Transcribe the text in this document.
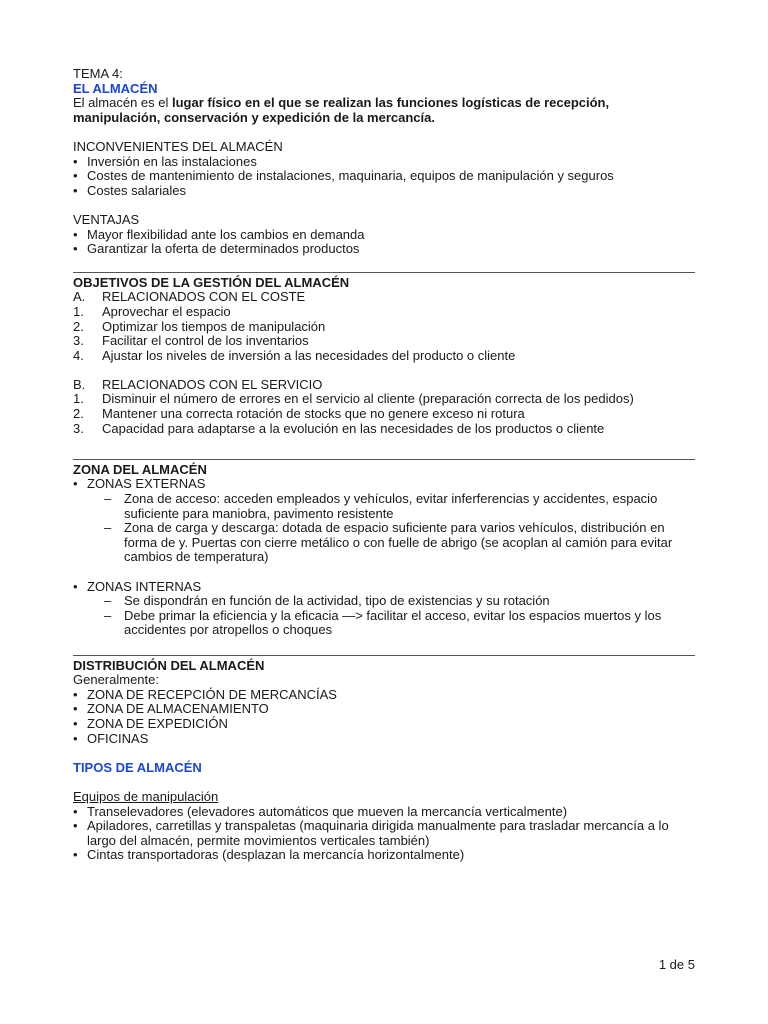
TEMA 4:
EL ALMACÉN
El almacén es el lugar físico en el que se realizan las funciones logísticas de recepción,
manipulación, conservación y expedición de la mercancía.
INCONVENIENTES DEL ALMACÉN
• Inversión en las instalaciones
• Costes de mantenimiento de instalaciones, maquinaria, equipos de manipulación y seguros
• Costes salariales
VENTAJAS
• Mayor flexibilidad ante los cambios en demanda
• Garantizar la oferta de determinados productos
OBJETIVOS DE LA GESTIÓN DEL ALMACÉN
A.	RELACIONADOS CON EL COSTE
1.	Aprovechar el espacio
2.	Optimizar los tiempos de manipulación
3.	Facilitar el control de los inventarios
4.	Ajustar los niveles de inversión a las necesidades del producto o cliente
B.	RELACIONADOS CON EL SERVICIO
1.	Disminuir el número de errores en el servicio al cliente (preparación correcta de los pedidos)
2.	Mantener una correcta rotación de stocks que no genere exceso ni rotura
3.	Capacidad para adaptarse a la evolución en las necesidades de los productos o cliente
ZONA DEL ALMACÉN
• ZONAS EXTERNAS
– Zona de acceso: acceden empleados y vehículos, evitar inferferencias y accidentes, espacio suficiente para maniobra, pavimento resistente
– Zona de carga y descarga: dotada de espacio suficiente para varios vehículos, distribución en forma de y. Puertas con cierre metálico o con fuelle de abrigo (se acoplan al camión para evitar cambios de temperatura)
• ZONAS INTERNAS
– Se dispondrán en función de la actividad, tipo de existencias y su rotación
– Debe primar la eficiencia y la eficacia —> facilitar el acceso, evitar los espacios muertos y los accidentes por atropellos o choques
DISTRIBUCIÓN DEL ALMACÉN
Generalmente:
• ZONA DE RECEPCIÓN DE MERCANCÍAS
• ZONA DE ALMACENAMIENTO
• ZONA DE EXPEDICIÓN
• OFICINAS
TIPOS DE ALMACÉN
Equipos de manipulación
• Transelevadores (elevadores automáticos que mueven la mercancía verticalmente)
• Apiladores, carretillas y transpaletas (maquinaria dirigida manualmente para trasladar mercancía a lo largo del almacén, permite movimientos verticales también)
• Cintas transportadoras (desplazan la mercancía horizontalmente)
1 de 5
